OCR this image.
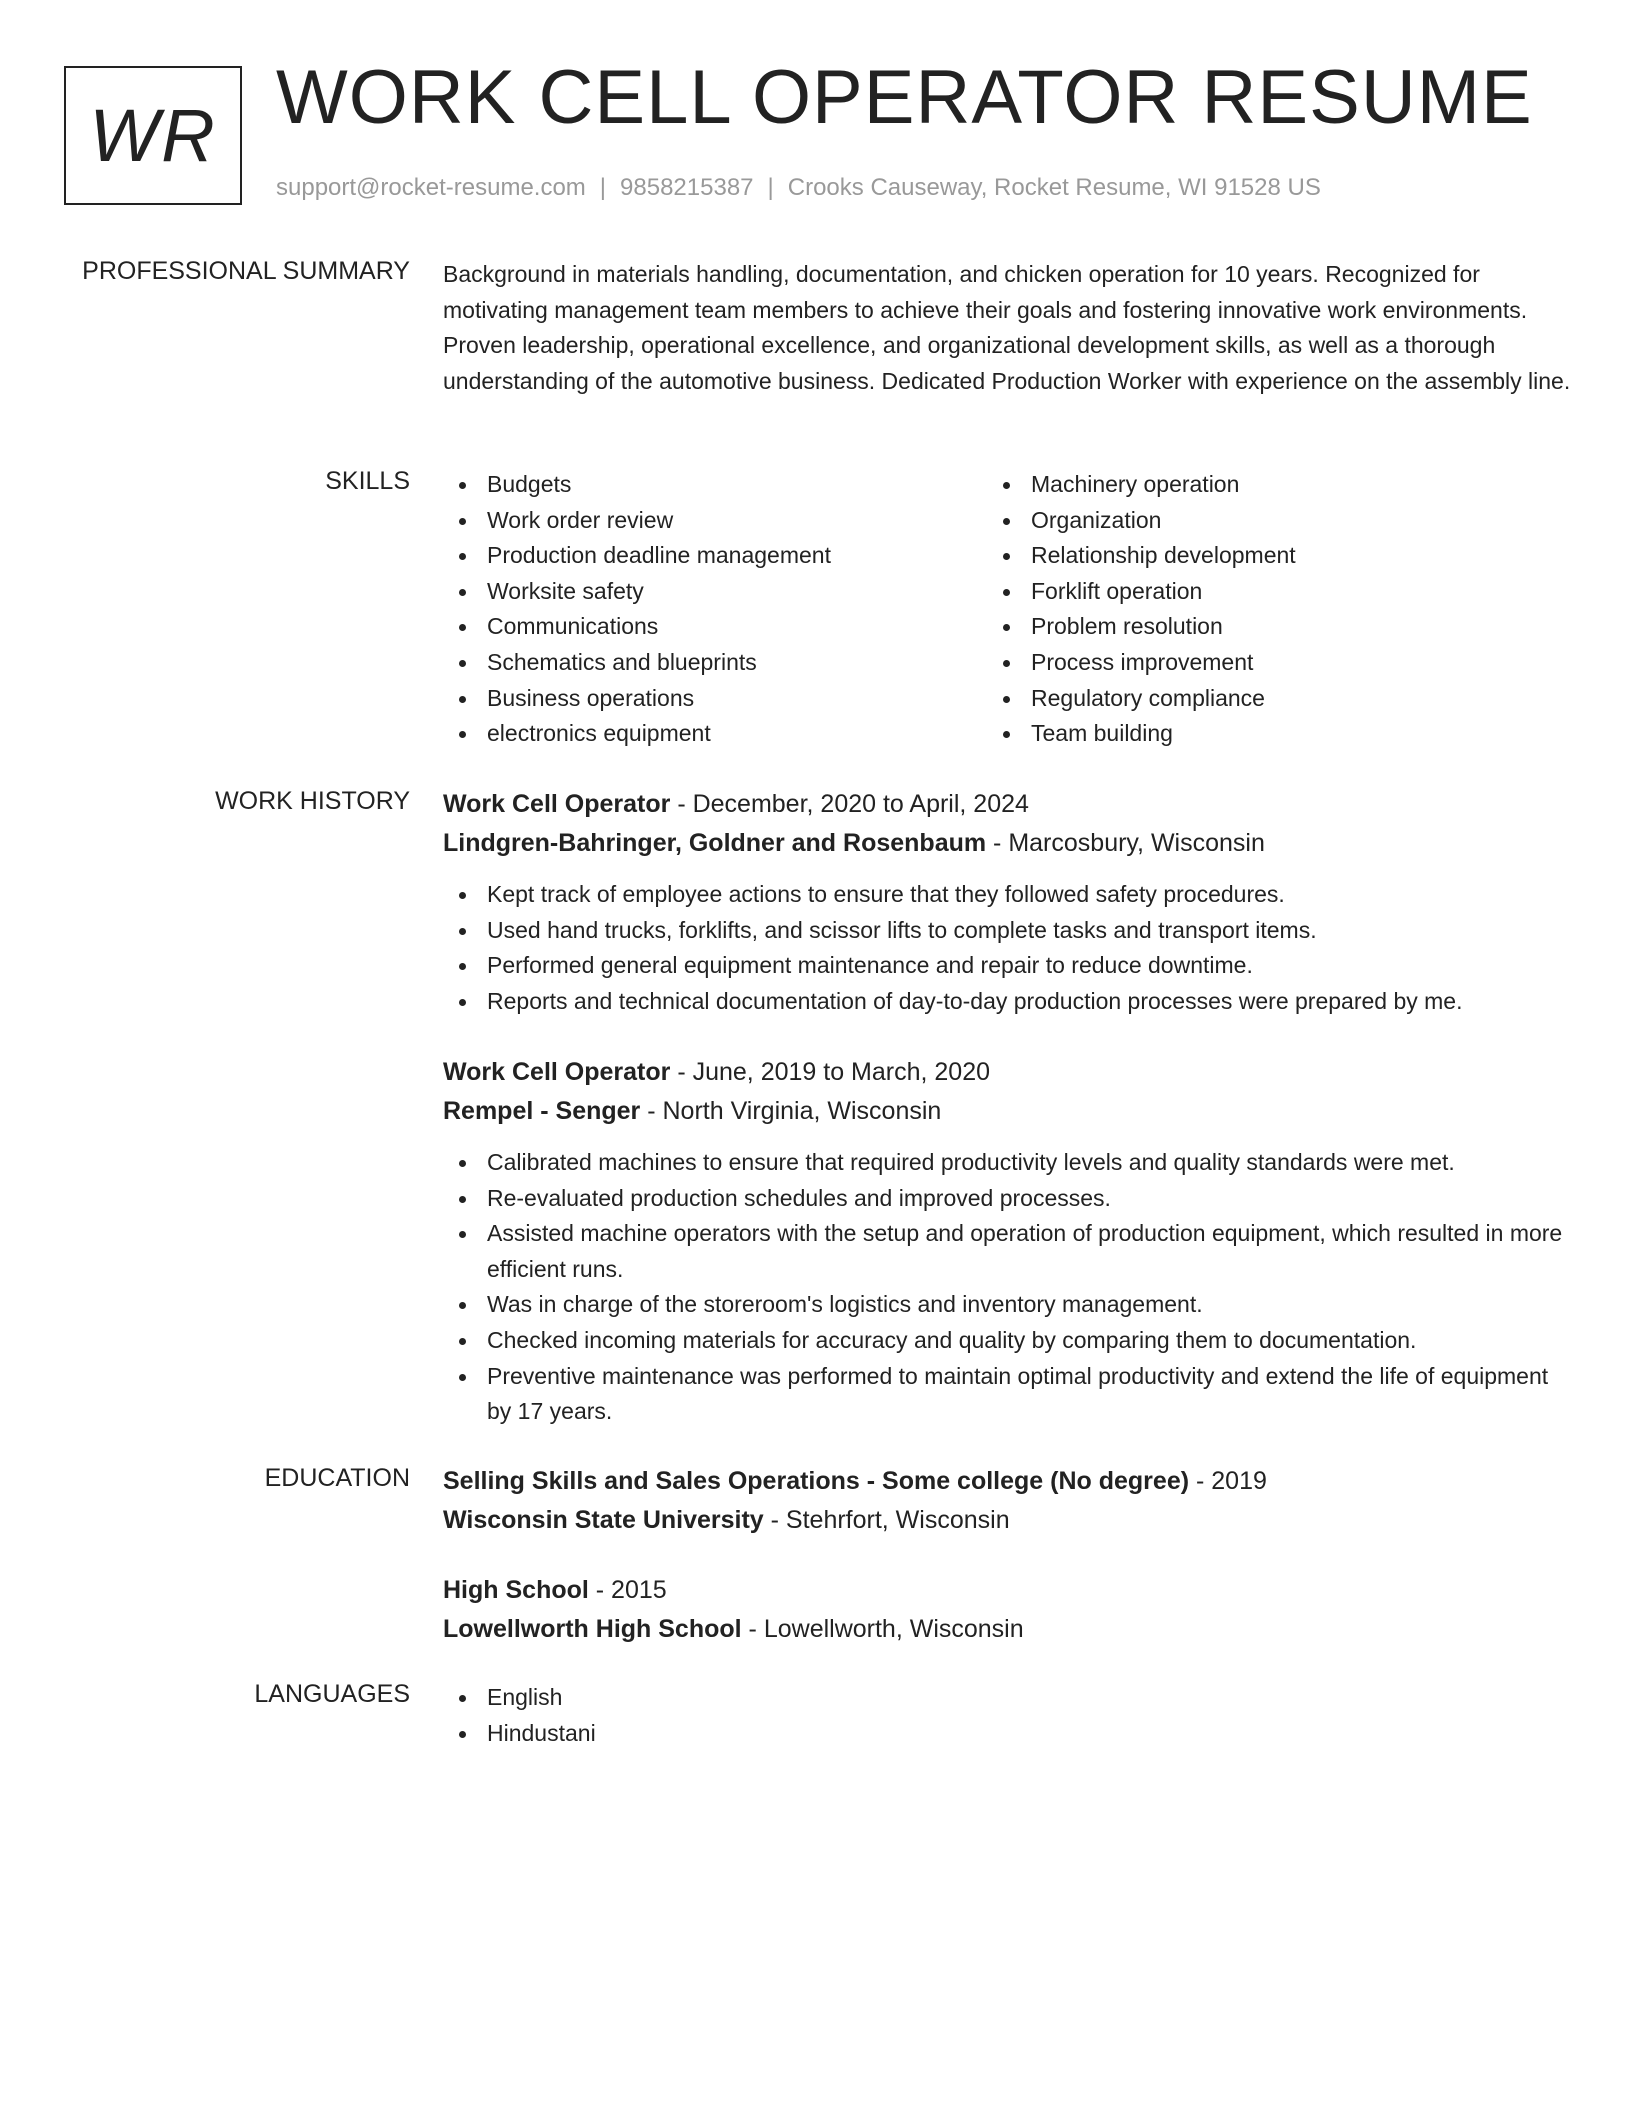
WR WORK CELL OPERATOR RESUME
support@rocket-resume.com | 9858215387 | Crooks Causeway, Rocket Resume, WI 91528 US
PROFESSIONAL SUMMARY Background in materials handling, documentation, and chicken operation for 10 years. Recognized for motivating management team members to achieve their goals and fostering innovative work environments. Proven leadership, operational excellence, and organizational development skills, as well as a thorough understanding of the automotive business. Dedicated Production Worker with experience on the assembly line.

SKILLS	Budgets
Work order review
Production deadline management
Worksite safety
Communications
Schematics and blueprints
Business operations
electronics equipment
Machinery operation
Organization
Relationship development
Forklift operation
Problem resolution
Process improvement
Regulatory compliance
Team building
WORK HISTORY Work Cell Operator - December, 2020 to April, 2024
Lindgren-Bahringer, Goldner and Rosenbaum - Marcosbury, Wisconsin
Kept track of employee actions to ensure that they followed safety procedures.
Used hand trucks, forklifts, and scissor lifts to complete tasks and transport items.
Performed general equipment maintenance and repair to reduce downtime.
Reports and technical documentation of day-to-day production processes were prepared by me.
Work Cell Operator - June, 2019 to March, 2020
Rempel - Senger - North Virginia, Wisconsin
Calibrated machines to ensure that required productivity levels and quality standards were met.
Re-evaluated production schedules and improved processes.
Assisted machine operators with the setup and operation of production equipment, which resulted in more efficient runs.
Was in charge of the storeroom's logistics and inventory management.
Checked incoming materials for accuracy and quality by comparing them to documentation.
Preventive maintenance was performed to maintain optimal productivity and extend the life of equipment by 17 years.
EDUCATION Selling Skills and Sales Operations - Some college (No degree) - 2019
Wisconsin State University - Stehrfort, Wisconsin
High School - 2015
Lowellworth High School - Lowellworth, Wisconsin
LANGUAGES	English
Hindustani
